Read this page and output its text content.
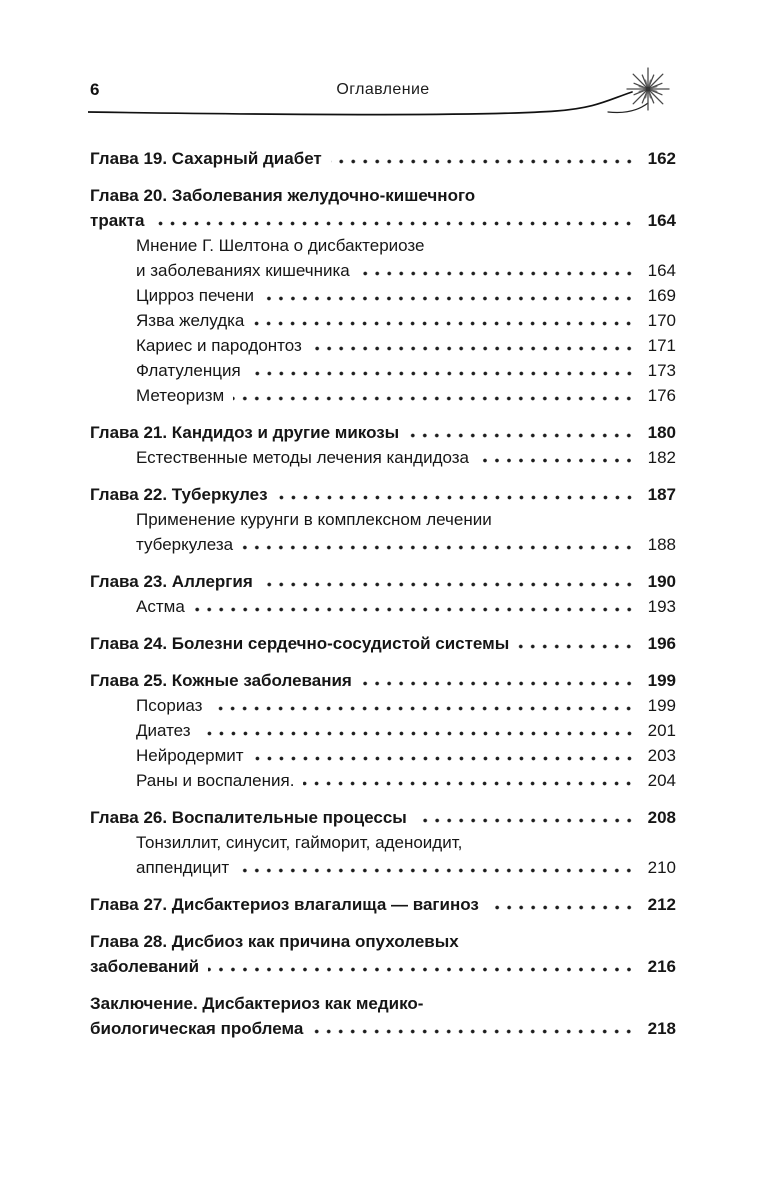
6	Оглавление
Глава 19. Сахарный диабет	162
Глава 20. Заболевания желудочно-кишечного
тракта	164
Мнение Г. Шелтона о дисбактериозе
и заболеваниях кишечника	164
Цирроз печени	169
Язва желудка	170
Кариес и пародонтоз	171
Флатуленция	173
Метеоризм	176
Глава 21. Кандидоз и другие микозы	180
Естественные методы лечения кандидоза	182
Глава 22. Туберкулез	187
Применение курунги в комплексном лечении
туберкулеза	188
Глава 23. Аллергия	190
Астма	193
Глава 24. Болезни сердечно-сосудистой системы	196
Глава 25. Кожные заболевания	199
Псориаз	199
Диатез	201
Нейродермит	203
Раны и воспаления.	204
Глава 26. Воспалительные процессы	208
Тонзиллит, синусит, гайморит, аденоидит,
аппендицит	210
Глава 27. Дисбактериоз влагалища — вагиноз	212
Глава 28. Дисбиоз как причина опухолевых
заболеваний	216
Заключение. Дисбактериоз как медико-
биологическая проблема	218
